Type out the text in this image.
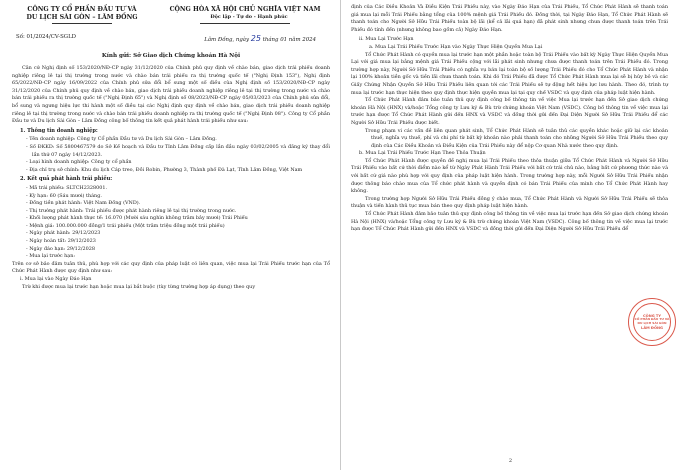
CÔNG TY CỔ PHẦN ĐẦU TƯ VÀ
DU LỊCH SÀI GÒN – LÂM ĐỒNG
CỘNG HÒA XÃ HỘI CHỦ NGHĨA VIỆT NAM
Độc lập - Tự do - Hạnh phúc
Số: 01/2024/CV-SGLD	Lâm Đồng, ngày 25 tháng 01 năm 2024
Kính gửi: Sở Giao dịch Chứng khoán Hà Nội

Căn cứ Nghị định số 153/2020/NĐ-CP ngày 31/12/2020 của Chính phủ quy định về chào bán, giao dịch trái phiếu doanh nghiệp riêng lẻ tại thị trường trong nước và chào bán trái phiếu ra thị trường quốc tế ("Nghị Định 153"), Nghị định 65/2022/NĐ-CP ngày 16/09/2022 của Chính phủ sửa đổi bổ sung một số điều của Nghị định số 153/2020/NĐ-CP ngày 31/12/2020 của Chính phủ quy định về chào bán, giao dịch trái phiếu doanh nghiệp riêng lẻ tại thị trường trong nước và chào bán trái phiếu ra thị trường quốc tế ("Nghị Định 65") và Nghị định số 08/2023/NĐ-CP ngày 05/03/2023 của Chính phủ sửa đổi, bổ sung và ngưng hiệu lực thi hành một số điều tại các Nghị định quy định về chào bán, giao dịch trái phiếu doanh nghiệp riêng lẻ tại thị trường trong nước và chào bán trái phiếu doanh nghiệp ra thị trường quốc tế ("Nghị Định 08"). Công ty Cổ phần Đầu tư và Du lịch Sài Gòn – Lâm Đồng công bố thông tin kết quả phát hành trái phiếu như sau:

1. Thông tin doanh nghiệp:

- Tên doanh nghiệp: Công ty Cổ phần Đầu tư và Du lịch Sài Gòn – Lâm Đồng.

- Số ĐKKD: Số 5800467579 do Sở Kế hoạch và Đầu tư Tỉnh Lâm Đồng cấp lần đầu ngày 03/02/2005 và đăng ký thay đổi lần thứ 07 ngày 14/12/2023.

- Loại hình doanh nghiệp: Công ty cổ phần

- Địa chỉ trụ sở chính: Khu du lịch Cáp treo, Đồi Robin, Phường 3, Thành phố Đà Lạt, Tỉnh Lâm Đồng, Việt Nam

2. Kết quả phát hành trái phiếu:

- Mã trái phiếu: SLTCH2328001.

- Kỳ hạn: 60 (Sáu mươi) tháng.

- Đồng tiền phát hành: Việt Nam Đồng (VND).

- Thị trường phát hành: Trái phiếu được phát hành riêng lẻ tại thị trường trong nước.

- Khối lượng phát hành thực tế: 16.070 (Mười sáu nghìn không trăm bảy mươi) Trái Phiếu

- Mệnh giá: 100.000.000 đồng/1 trái phiếu (Một trăm triệu đồng một trái phiếu)

- Ngày phát hành: 29/12/2023

- Ngày hoàn tất: 29/12/2023

- Ngày đáo hạn: 29/12/2028

- Mua lại trước hạn:

Trên cơ sở bảo đảm tuân thủ, phù hợp với các quy định của pháp luật có liên quan, việc mua lại Trái Phiếu trước hạn của Tổ Chức Phát Hành được quy định như sau:

i. Mua lại vào Ngày Đáo Hạn

Trừ khi được mua lại trước hạn hoặc mua lại bắt buộc (tùy từng trường hợp áp dụng) theo quy

định của Các Điều Khoản Và Điều Kiện Trái Phiếu này, vào Ngày Đáo Hạn của Trái Phiếu, Tổ Chức Phát Hành sẽ thanh toán giá mua lại mỗi Trái Phiếu bằng tổng của 100% mệnh giá Trái Phiếu đó. Đồng thời, tại Ngày Đáo Hạn, Tổ Chức Phát Hành sẽ thanh toán cho Người Sở Hữu Trái Phiếu toàn bộ lãi (kể cả lãi quá hạn) đã phát sinh nhưng chưa được thanh toán trên Trái Phiếu đó tính đến (nhưng không bao gồm cả) Ngày Đáo Hạn.

ii. Mua Lại Trước Hạn
a. Mua Lại Trái Phiếu Trước Hạn vào Ngày Thực Hiện Quyền Mua Lại

Tổ Chức Phát Hành có quyền mua lại trước hạn một phần hoặc toàn bộ Trái Phiếu vào bất kỳ Ngày Thực Hiện Quyền Mua Lại với giá mua lại bằng mệnh giá Trái Phiếu cộng với lãi phát sinh nhưng chưa được thanh toán trên Trái Phiếu đó. Trong trường hợp này, Người Sở Hữu Trái Phiếu có nghĩa vụ bán lại toàn bộ số lượng Trái Phiếu đó cho Tổ Chức Phát Hành và nhận lại 100% khoản tiền gốc và tiền lãi chưa thanh toán. Khi đó Trái Phiếu đã được Tổ Chức Phát Hành mua lại sẽ bị hủy bỏ và các Giấy Chứng Nhận Quyền Sở Hữu Trái Phiếu liên quan tới các Trái Phiếu sẽ tự động hết hiệu lực lưu hành. Theo đó, trình tự mua lại trước hạn thực hiện theo quy định thực hiện quyền mua lại tại quy chế VSDC và quy định của pháp luật hiện hành.

Tổ Chức Phát Hành đảm bảo tuân thủ quy định công bố thông tin về việc Mua lại trước hạn đến Sở giao dịch chứng khoán Hà Nội (HNX) và/hoặc Tổng công ty Lưu ký & Bù trừ chứng khoán Việt Nam (VSDC). Công bố thông tin về việc mua lại trước hạn được Tổ Chức Phát Hành gửi đến HNX và VSDC và đồng thời gửi đến Đại Diện Người Sở Hữu Trái Phiếu để các Người Sở Hữu Trái Phiếu được biết.

Trong phạm vi các vấn đề liên quan phát sinh, Tổ Chức Phát Hành sẽ tuân thủ các quyền khác hoặc giữ lại các khoản thuế, nghĩa vụ thuế, phí và chi phí từ bất kỳ khoản nào phải thanh toán cho những Người Sở Hữu Trái Phiếu theo quy định của Các Điều Khoản và Điều Kiện của Trái Phiếu này để nộp Cơ quan Nhà nước theo quy định.

b. Mua Lại Trái Phiếu Trước Hạn Theo Thỏa Thuận

Tổ Chức Phát Hành được quyền đề nghị mua lại Trái Phiếu theo thỏa thuận giữa Tổ Chức Phát Hành và Người Sở Hữu Trái Phiếu vào bất cứ thời điểm nào kể từ Ngày Phát Hành Trái Phiếu với bất cứ trái chủ nào, bằng bất cứ phương thức nào và với bất cứ giá nào phù hợp với quy định của pháp luật hiện hành. Trong trường hợp này, mỗi Người Sở Hữu Trái Phiếu nhận được thông báo chào mua của Tổ chức phát hành và quyền định có bán Trái Phiếu của mình cho Tổ Chức Phát Hành hay không.

Trong trường hợp Người Sở Hữu Trái Phiếu đồng ý chào mua, Tổ Chức Phát Hành và Người Sở Hữu Trái Phiếu sẽ thỏa thuận và tiến hành thủ tục mua bán theo quy định pháp luật hiện hành.

Tổ Chức Phát Hành đảm bảo tuân thủ quy định công bố thông tin về việc mua lại trước hạn đến Sở giao dịch chứng khoán Hà Nội (HNX) và/hoặc Tổng công ty Lưu ký & Bù trừ chứng khoán Việt Nam (VSDC). Công bố thông tin về việc mua lại trước hạn được Tổ Chức Phát Hành gửi đến HNX và VSDC và đồng thời gửi đến Đại Diện Người Sở Hữu Trái Phiếu để

CÔNG TY
CỔ PHẦN ĐẦU TƯ VÀ DU LỊCH SÀI GÒN
LÂM ĐỒNG
2
